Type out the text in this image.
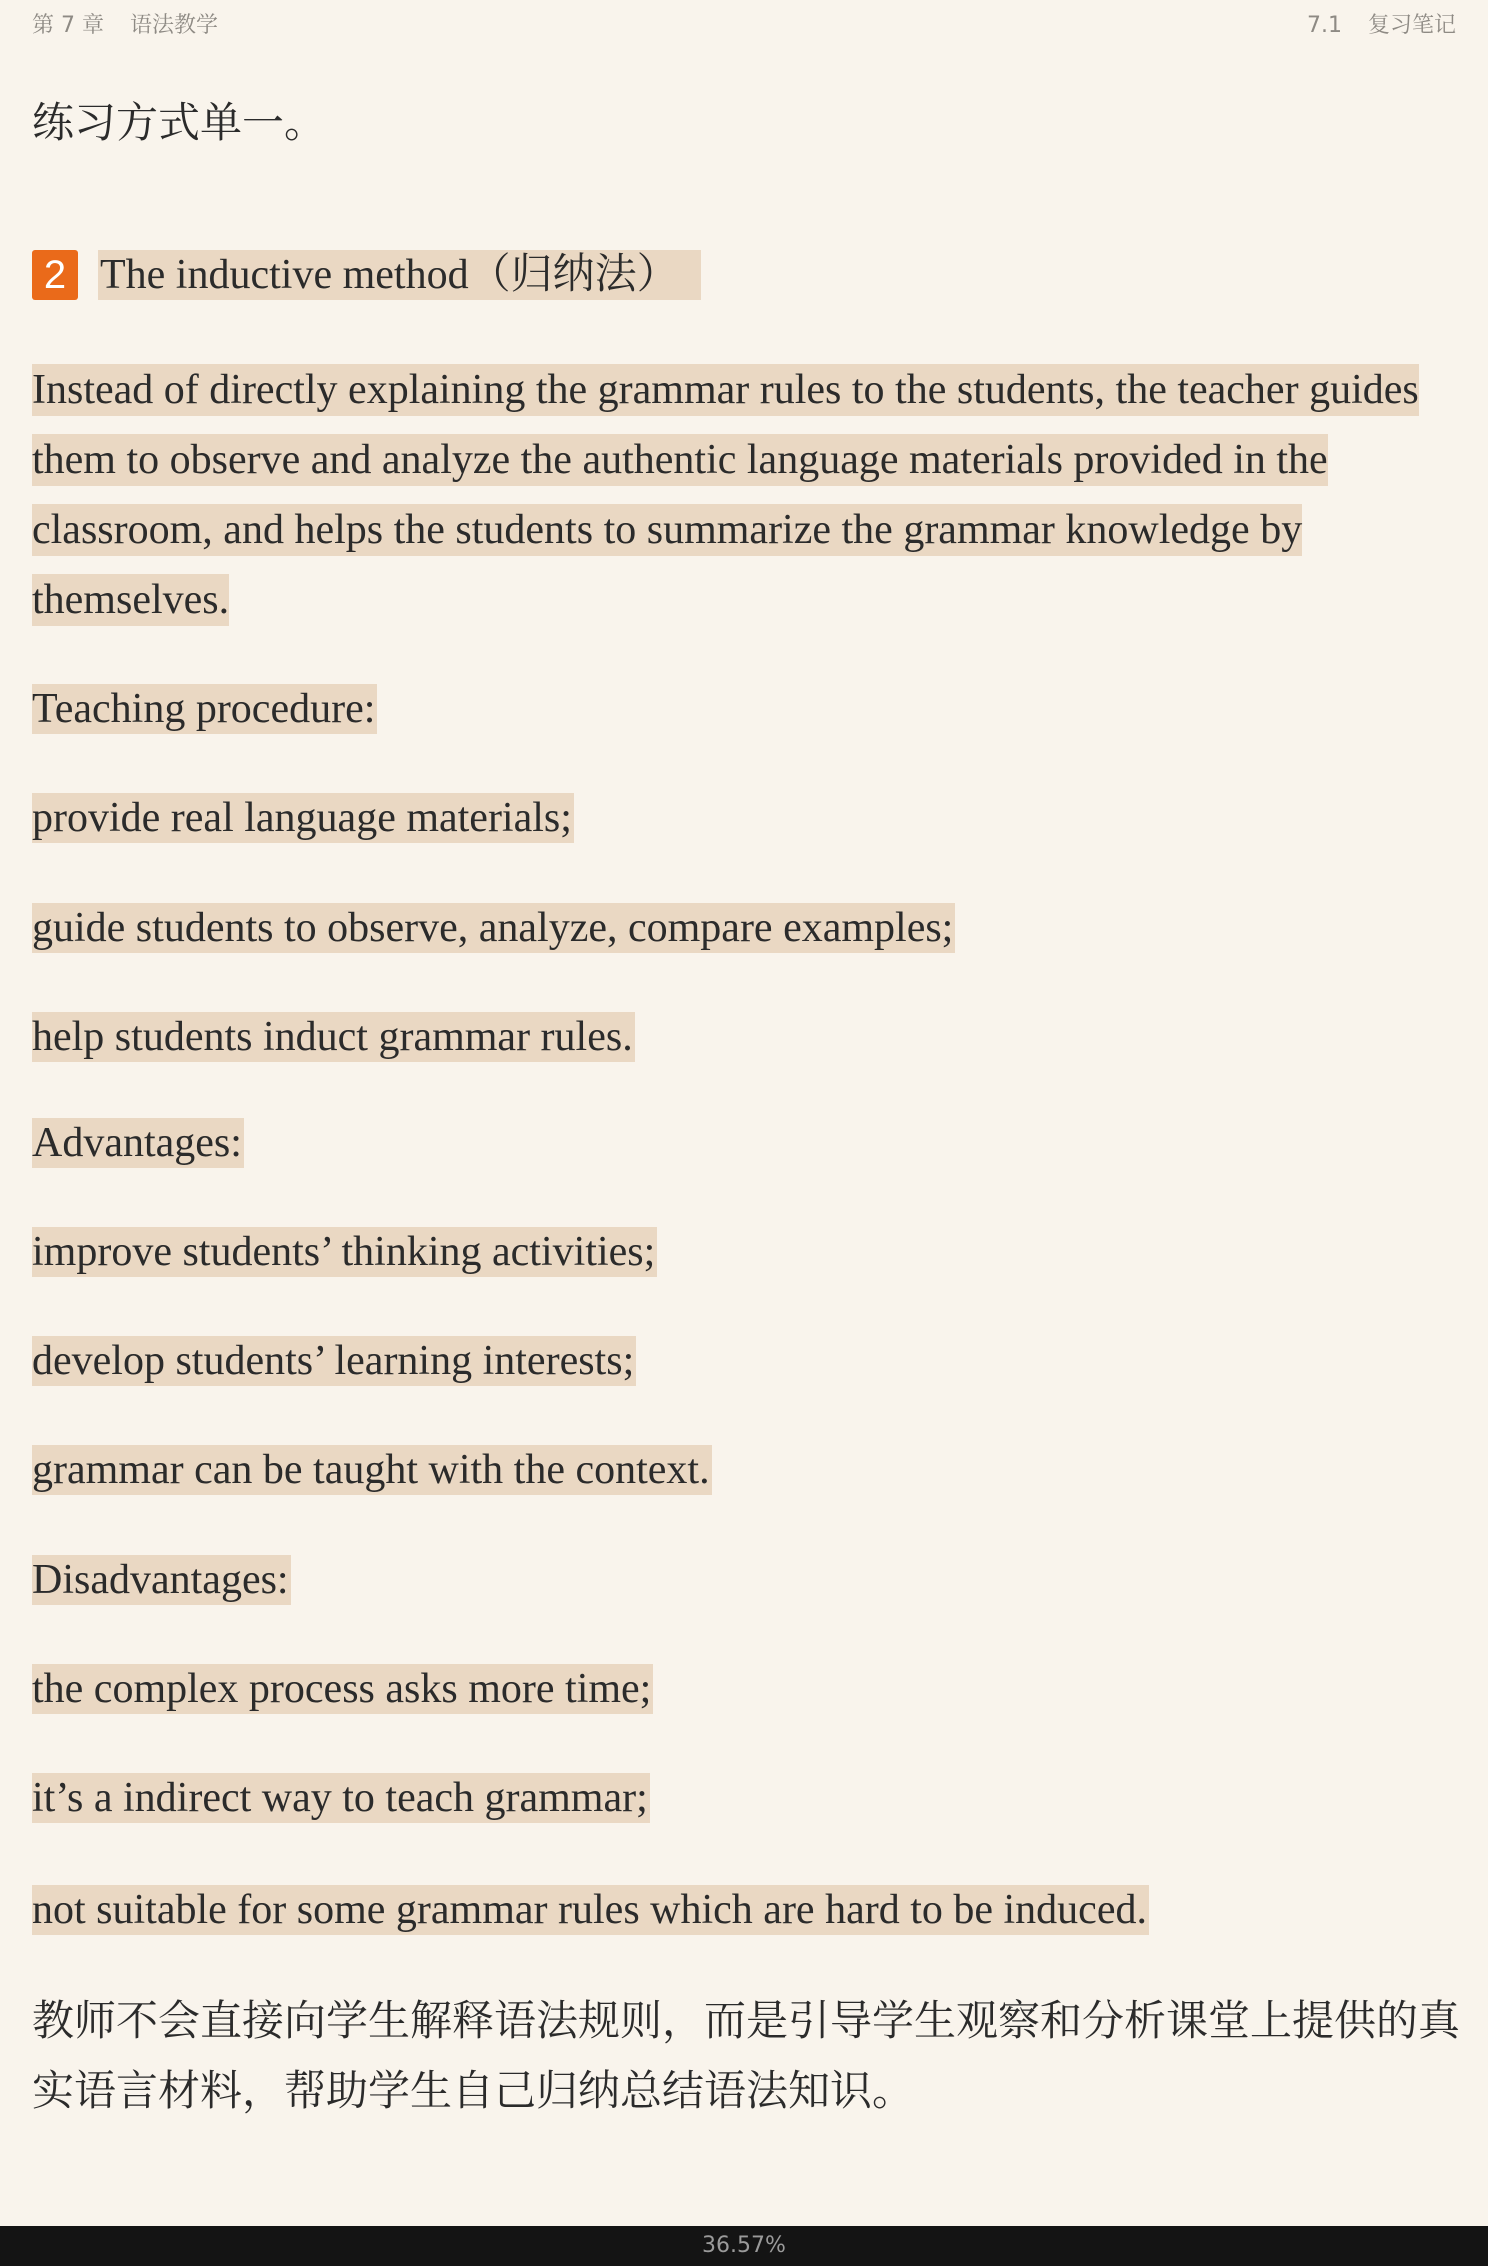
第 7 章 语法教学	7.1 复习笔记
练习方式单一。
2 The inductive method（归纳法）
Instead of directly explaining the grammar rules to the students, the teacher guides them to observe and analyze the authentic language materials provided in the classroom, and helps the students to summarize the grammar knowledge by themselves.
Teaching procedure:
provide real language materials;
guide students to observe, analyze, compare examples;
help students induct grammar rules.
Advantages:
improve students’ thinking activities;
develop students’ learning interests;
grammar can be taught with the context.
Disadvantages:
the complex process asks more time;
it’s a indirect way to teach grammar;
not suitable for some grammar rules which are hard to be induced.
教师不会直接向学生解释语法规则，而是引导学生观察和分析课堂上提供的真实语言材料，帮助学生自己归纳总结语法知识。
36.57%
